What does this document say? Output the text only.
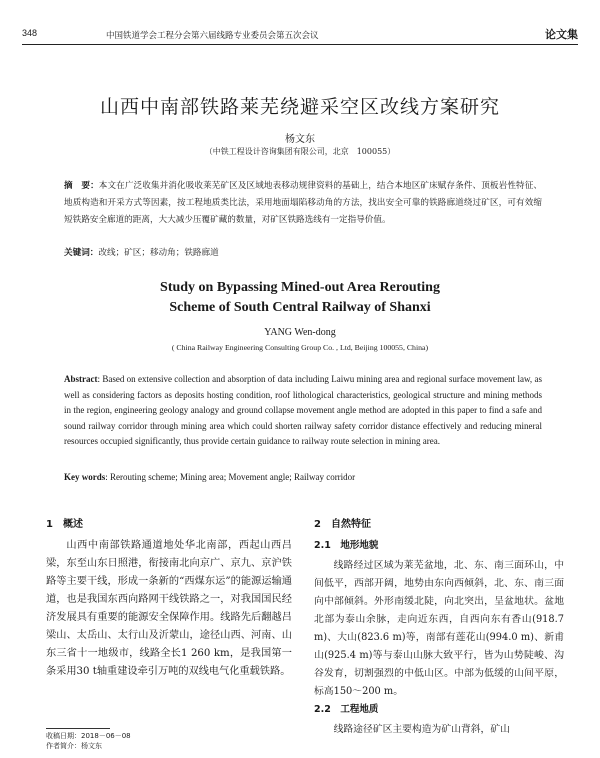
348	中国铁道学会工程分会第六届线路专业委员会第五次会议	论文集
山西中南部铁路莱芜绕避采空区改线方案研究
杨文东
（中铁工程设计咨询集团有限公司，北京　100055）
摘　要：本文在广泛收集并消化吸收莱芜矿区及区域地表移动规律资料的基础上，结合本地区矿床赋存条件、顶板岩性特征、地质构造和开采方式等因素，按工程地质类比法，采用地面塌陷移动角的方法，找出安全可靠的铁路廊道绕过矿区，可有效缩短铁路安全廊道的距离，大大减少压覆矿藏的数量，对矿区铁路选线有一定指导价值。
关键词：改线；矿区；移动角；铁路廊道
Study on Bypassing Mined-out Area Rerouting
Scheme of South Central Railway of Shanxi
YANG Wen-dong
( China Railway Engineering Consulting Group Co. , Ltd, Beijing 100055, China)
Abstract: Based on extensive collection and absorption of data including Laiwu mining area and regional surface movement law, as well as considering factors as deposits hosting condition, roof lithological characteristics, geological structure and mining methods in the region, engineering geology analogy and ground collapse movement angle method are adopted in this paper to find a safe and sound railway corridor through mining area which could shorten railway safety corridor distance effectively and reducing mineral resources occupied significantly, thus provide certain guidance to railway route selection in mining area.
Key words: Rerouting scheme; Mining area; Movement angle; Railway corridor
1　概述

山西中南部铁路通道地处华北南部，西起山西吕梁，东至山东日照港，衔接南北向京广、京九、京沪铁路等主要干线，形成一条新的“西煤东运”的能源运输通道，也是我国东西向路网干线铁路之一，对我国国民经济发展具有重要的能源安全保障作用。线路先后翻越吕梁山、太岳山、太行山及沂蒙山，途径山西、河南、山东三省十一地级市，线路全长1 260 km，是我国第一条采用30 t轴重建设牵引万吨的双线电气化重载铁路。

2　自然特征
2.1　地形地貌

线路经过区域为莱芜盆地，北、东、南三面环山，中间低平，西部开阔，地势由东向西倾斜，北、东、南三面向中部倾斜。外形南缓北陡，向北突出，呈盆地状。盆地北部为泰山余脉，走向近东西，自西向东有香山(918.7 m)、大山(823.6 m)等，南部有莲花山(994.0 m)、新甫山(925.4 m)等与泰山山脉大致平行，皆为山势陡峻、沟谷发育，切割强烈的中低山区。中部为低缓的山间平原，标高150～200 m。

2.2　工程地质

线路途径矿区主要构造为矿山背斜，矿山

收稿日期：2018－06－08
作者简介：杨文东
